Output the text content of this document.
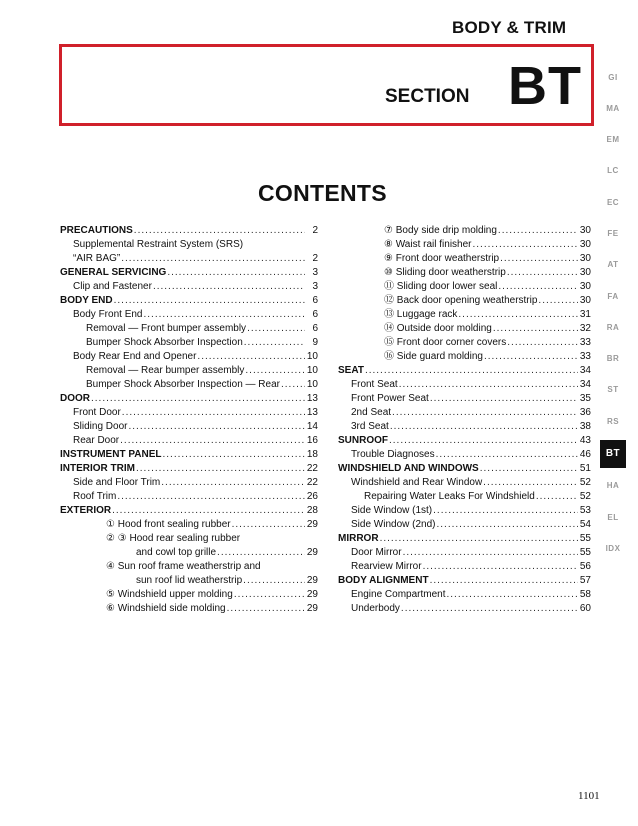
BODY & TRIM
SECTION BT
CONTENTS
PRECAUTIONS .....	2
Supplemental Restraint System (SRS)
“AIR BAG” .....	2
GENERAL SERVICING .....	3
Clip and Fastener .....	3
BODY END .....	6
Body Front End .....	6
Removal — Front bumper assembly .....	6
Bumper Shock Absorber Inspection .....	9
Body Rear End and Opener .....	10
Removal — Rear bumper assembly .....	10
Bumper Shock Absorber Inspection — Rear .....	10
DOOR .....	13
Front Door .....	13
Sliding Door .....	14
Rear Door .....	16
INSTRUMENT PANEL .....	18
INTERIOR TRIM .....	22
Side and Floor Trim .....	22
Roof Trim .....	26
EXTERIOR .....	28
① Hood front sealing rubber .....	29
② ③ Hood rear sealing rubber
and cowl top grille .....	29
④ Sun roof frame weatherstrip and
sun roof lid weatherstrip .....	29
⑤ Windshield upper molding .....	29
⑥ Windshield side molding .....	29
⑦ Body side drip molding .....	30
⑧ Waist rail finisher .....	30
⑨ Front door weatherstrip .....	30
⑩ Sliding door weatherstrip .....	30
⑪ Sliding door lower seal .....	30
⑫ Back door opening weatherstrip .....	30
⑬ Luggage rack .....	31
⑭ Outside door molding .....	32
⑮ Front door corner covers .....	33
⑯ Side guard molding .....	33
SEAT .....	34
Front Seat .....	34
Front Power Seat .....	35
2nd Seat .....	36
3rd Seat .....	38
SUNROOF .....	43
Trouble Diagnoses .....	46
WINDSHIELD AND WINDOWS .....	51
Windshield and Rear Window .....	52
Repairing Water Leaks For Windshield .....	52
Side Window (1st) .....	53
Side Window (2nd) .....	54
MIRROR .....	55
Door Mirror .....	55
Rearview Mirror .....	56
BODY ALIGNMENT .....	57
Engine Compartment .....	58
Underbody .....	60
GI
MA
EM
LC
EC
FE
AT
FA
RA
BR
ST
RS
BT
HA
EL
IDX
1101
